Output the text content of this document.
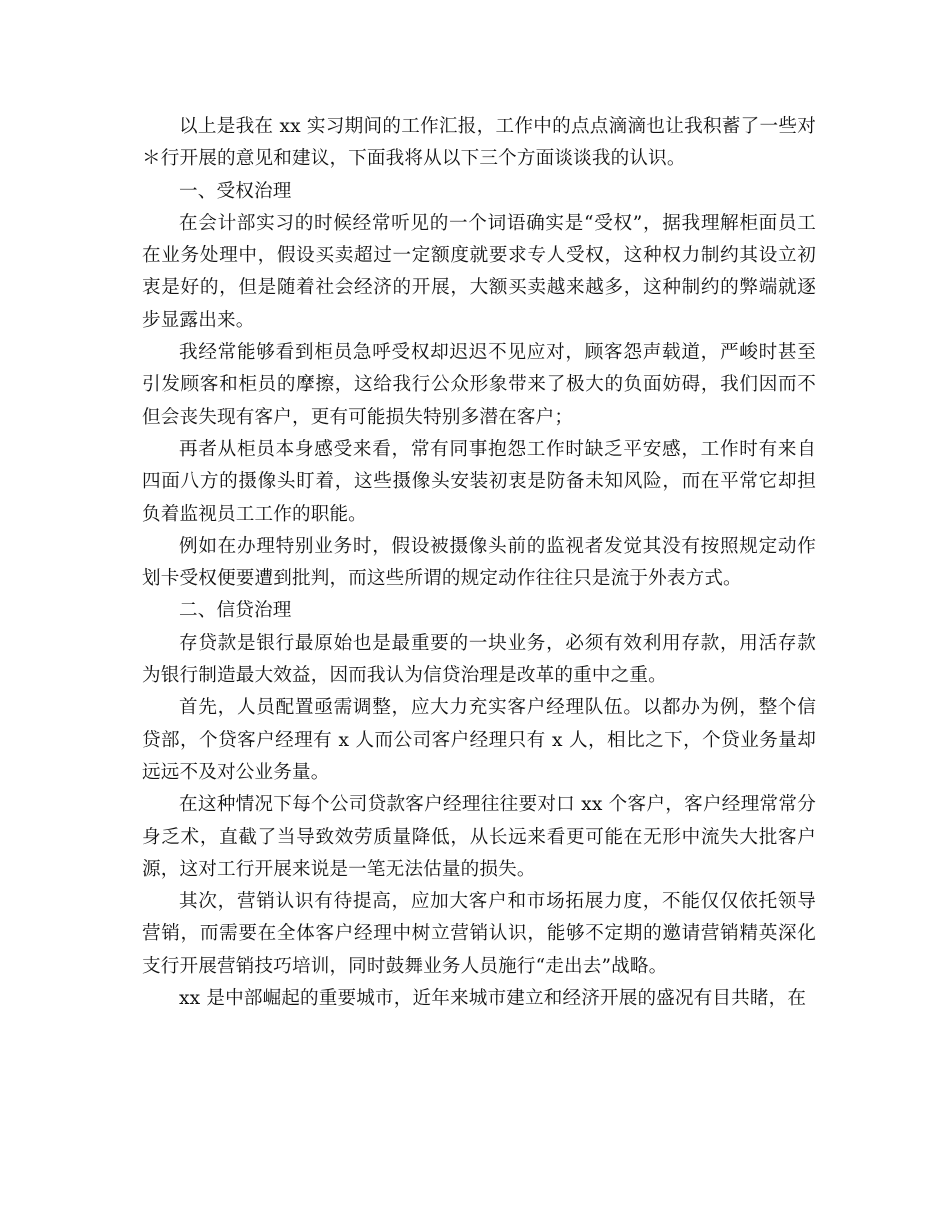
以上是我在 xx 实习期间的工作汇报，工作中的点点滴滴也让我积蓄了一些对＊行开展的意见和建议，下面我将从以下三个方面谈谈我的认识。

一、受权治理

在会计部实习的时候经常听见的一个词语确实是“受权”，据我理解柜面员工在业务处理中，假设买卖超过一定额度就要求专人受权，这种权力制约其设立初衷是好的，但是随着社会经济的开展，大额买卖越来越多，这种制约的弊端就逐步显露出来。

我经常能够看到柜员急呼受权却迟迟不见应对，顾客怨声载道，严峻时甚至引发顾客和柜员的摩擦，这给我行公众形象带来了极大的负面妨碍，我们因而不但会丧失现有客户，更有可能损失特别多潜在客户；

再者从柜员本身感受来看，常有同事抱怨工作时缺乏平安感，工作时有来自四面八方的摄像头盯着，这些摄像头安装初衷是防备未知风险，而在平常它却担负着监视员工工作的职能。

例如在办理特别业务时，假设被摄像头前的监视者发觉其没有按照规定动作划卡受权便要遭到批判，而这些所谓的规定动作往往只是流于外表方式。

二、信贷治理

存贷款是银行最原始也是最重要的一块业务，必须有效利用存款，用活存款为银行制造最大效益，因而我认为信贷治理是改革的重中之重。

首先，人员配置亟需调整，应大力充实客户经理队伍。以都办为例，整个信贷部，个贷客户经理有 x 人而公司客户经理只有 x 人，相比之下，个贷业务量却远远不及对公业务量。

在这种情况下每个公司贷款客户经理往往要对口 xx 个客户，客户经理常常分身乏术，直截了当导致效劳质量降低，从长远来看更可能在无形中流失大批客户源，这对工行开展来说是一笔无法估量的损失。

其次，营销认识有待提高，应加大客户和市场拓展力度，不能仅仅依托领导营销，而需要在全体客户经理中树立营销认识，能够不定期的邀请营销精英深化支行开展营销技巧培训，同时鼓舞业务人员施行“走出去”战略。

xx 是中部崛起的重要城市，近年来城市建立和经济开展的盛况有目共睹，在
